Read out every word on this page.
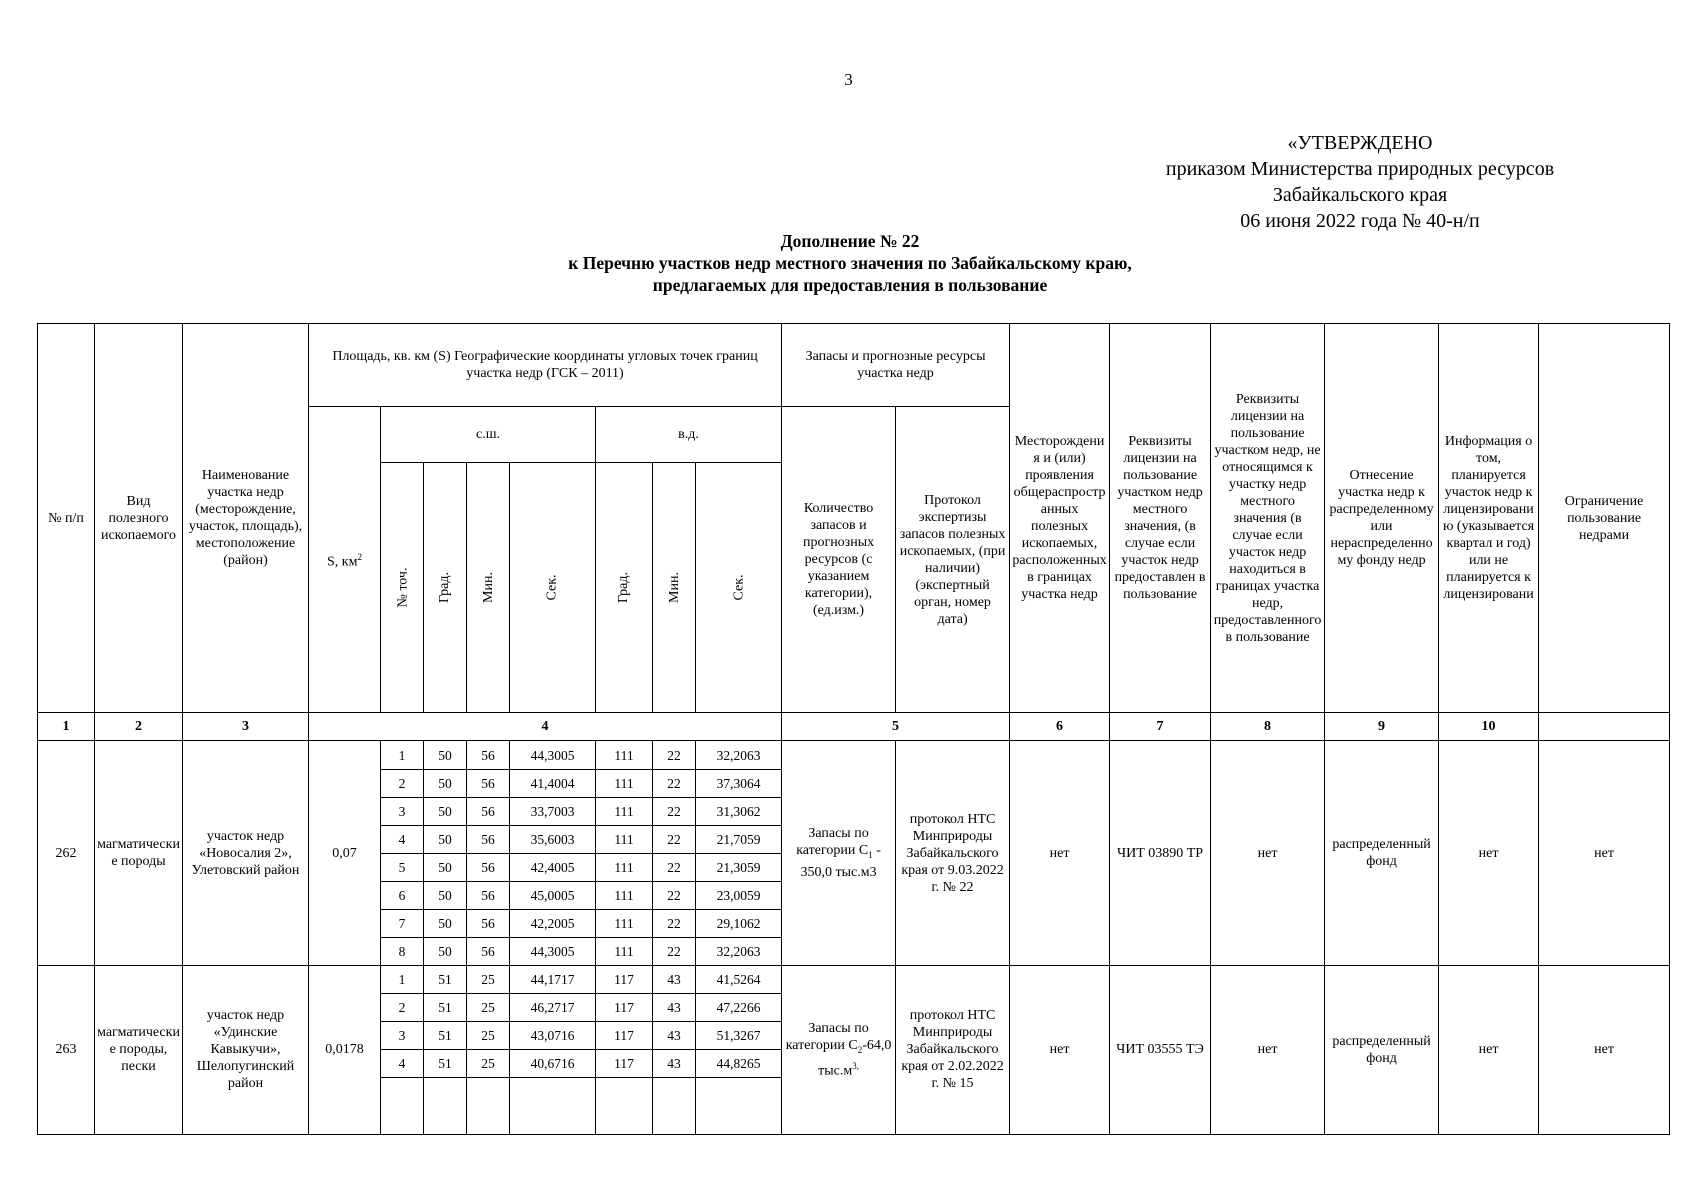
3
«УТВЕРЖДЕНО
приказом Министерства природных ресурсов
Забайкальского края
06 июня 2022 года № 40-н/п
Дополнение № 22
к Перечню участков недр местного значения по Забайкальскому краю,
предлагаемых для предоставления в пользование
№ п/п	Вид полезного ископаемого	Наименование участка недр (месторождение, участок, площадь), местоположение (район)	Площадь, кв. км (S) Географические координаты угловых точек границ участка недр (ГСК – 2011)								Запасы и прогнозные ресурсы участка недр		Месторождения и (или) проявления общераспространных полезных ископаемых, расположенных в границах участка недр	Реквизиты лицензии на пользование участком недр местного значения, (в случае если участок недр предоставлен в пользование	Реквизиты лицензии на пользование участком недр, не относящимся к участку недр местного значения (в случае если участок недр находиться в границах участка недр, предоставленного в пользование	Отнесение участка недр к распределенному или нераспределенному фонду недр	Информация о том, планируется участок недр к лицензированию (указывается квартал и год) или не планируется к лицензировани	Ограничение пользование недрами
			S, $км^2$	с.ш.				в.д.			Количество запасов и прогнозных ресурсов (с указанием категории), (ед.изм.)	Протокол экспертизы запасов полезных ископаемых, (при наличии) (экспертный орган, номер дата)						
				№ точ.	Град.	Мин.	Сек.	Град.	Мин.	Сек.								
1	2	3	4								5		6	7	8	9	10	
262	магматические породы	участок недр «Новосалия 2», Улетовский район	0,07	1	50	56	44,3005	111	22	32,2063	Запасы по категории $C_1 - 350,0$ тыс.м3	протокол НТС Минприроды Забайкальского края от 9.03.2022 г. № 22	нет	ЧИТ 03890 ТР	нет	распределенный фонд	нет	нет
				2	50	56	41,4004	111	22	37,3064								
				3	50	56	33,7003	111	22	31,3062								
				4	50	56	35,6003	111	22	21,7059								
				5	50	56	42,4005	111	22	21,3059								
				6	50	56	45,0005	111	22	23,0059								
				7	50	56	42,2005	111	22	29,1062								
				8	50	56	44,3005	111	22	32,2063								
263	магматические породы, пески	участок недр «Удинские Кавыкучи», Шелопугинский район	0,0178	1	51	25	44,1717	117	43	41,5264	Запасы по категории $C_2-64,0$ $тыс.м^{3,}$	протокол НТС Минприроды Забайкальского края от 2.02.2022 г. № 15	нет	ЧИТ 03555 ТЭ	нет	распределенный фонд	нет	нет
				2	51	25	46,2717	117	43	47,2266								
				3	51	25	43,0716	117	43	51,3267								
				4	51	25	40,6716	117	43	44,8265								
